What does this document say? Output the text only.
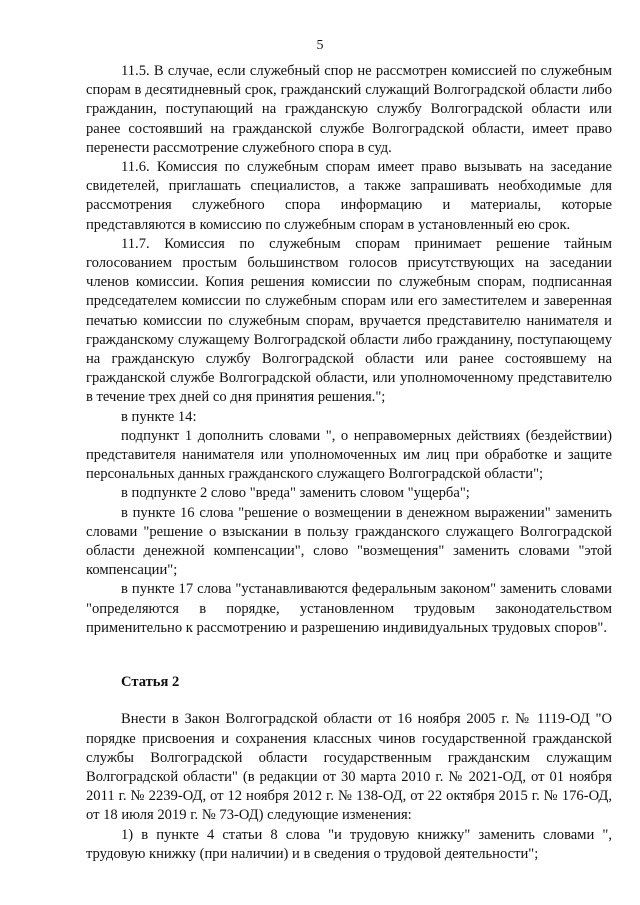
5

11.5. В случае, если служебный спор не рассмотрен комиссией по служебным спорам в десятидневный срок, гражданский служащий Волгоградской области либо гражданин, поступающий на гражданскую службу Волгоградской области или ранее состоявший на гражданской службе Волгоградской области, имеет право перенести рассмотрение служебного спора в суд.

11.6. Комиссия по служебным спорам имеет право вызывать на заседание свидетелей, приглашать специалистов, а также запрашивать необходимые для рассмотрения служебного спора информацию и материалы, которые представляются в комиссию по служебным спорам в установленный ею срок.

11.7. Комиссия по служебным спорам принимает решение тайным голосованием простым большинством голосов присутствующих на заседании членов комиссии. Копия решения комиссии по служебным спорам, подписанная председателем комиссии по служебным спорам или его заместителем и заверенная печатью комиссии по служебным спорам, вручается представителю нанимателя и гражданскому служащему Волгоградской области либо гражданину, поступающему на гражданскую службу Волгоградской области или ранее состоявшему на гражданской службе Волгоградской области, или уполномоченному представителю в течение трех дней со дня принятия решения.";

в пункте 14:

подпункт 1 дополнить словами ", о неправомерных действиях (бездействии) представителя нанимателя или уполномоченных им лиц при обработке и защите персональных данных гражданского служащего Волгоградской области";

в подпункте 2 слово "вреда" заменить словом "ущерба";

в пункте 16 слова "решение о возмещении в денежном выражении" заменить словами "решение о взыскании в пользу гражданского служащего Волгоградской области денежной компенсации", слово "возмещения" заменить словами "этой компенсации";

в пункте 17 слова "устанавливаются федеральным законом" заменить словами "определяются в порядке, установленном трудовым законодательством применительно к рассмотрению и разрешению индивидуальных трудовых споров".

Статья 2

Внести в Закон Волгоградской области от 16 ноября 2005 г. № 1119-ОД "О порядке присвоения и сохранения классных чинов государственной гражданской службы Волгоградской области государственным гражданским служащим Волгоградской области" (в редакции от 30 марта 2010 г. № 2021-ОД, от 01 ноября 2011 г. № 2239-ОД, от 12 ноября 2012 г. № 138-ОД, от 22 октября 2015 г. № 176-ОД, от 18 июля 2019 г. № 73-ОД) следующие изменения:

1) в пункте 4 статьи 8 слова "и трудовую книжку" заменить словами ", трудовую книжку (при наличии) и в сведения о трудовой деятельности";
